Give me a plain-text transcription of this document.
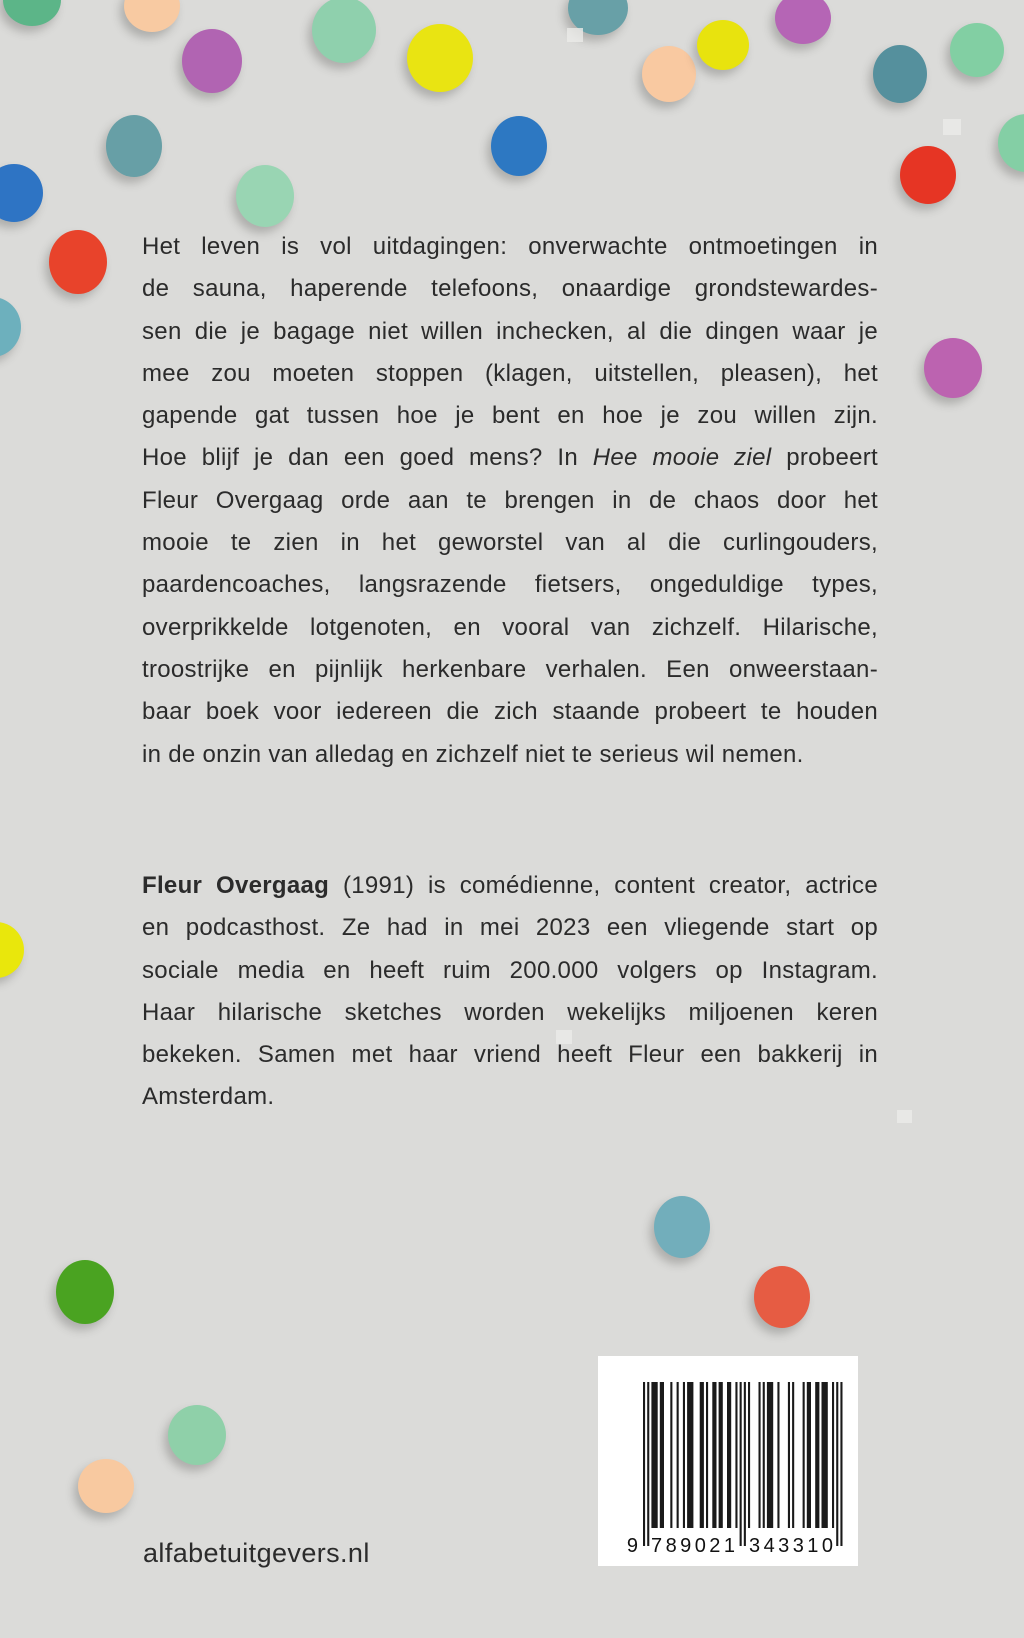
Het leven is vol uitdagingen: onverwachte ontmoetingen in
de sauna, haperende telefoons, onaardige grondstewardes-
sen die je bagage niet willen inchecken, al die dingen waar je
mee zou moeten stoppen (klagen, uitstellen, pleasen), het
gapende gat tussen hoe je bent en hoe je zou willen zijn.
Hoe blijf je dan een goed mens? In Hee mooie ziel probeert
Fleur Overgaag orde aan te brengen in de chaos door het
mooie te zien in het geworstel van al die curlingouders,
paardencoaches, langsrazende fietsers, ongeduldige types,
overprikkelde lotgenoten, en vooral van zichzelf. Hilarische,
troostrijke en pijnlijk herkenbare verhalen. Een onweerstaan-
baar boek voor iedereen die zich staande probeert te houden
in de onzin van alledag en zichzelf niet te serieus wil nemen.
Fleur Overgaag (1991) is comédienne, content creator, actrice
en podcasthost. Ze had in mei 2023 een vliegende start op
sociale media en heeft ruim 200.000 volgers op Instagram.
Haar hilarische sketches worden wekelijks miljoenen keren
bekeken. Samen met haar vriend heeft Fleur een bakkerij in
Amsterdam.
9 789021 343310
alfabetuitgevers.nl
